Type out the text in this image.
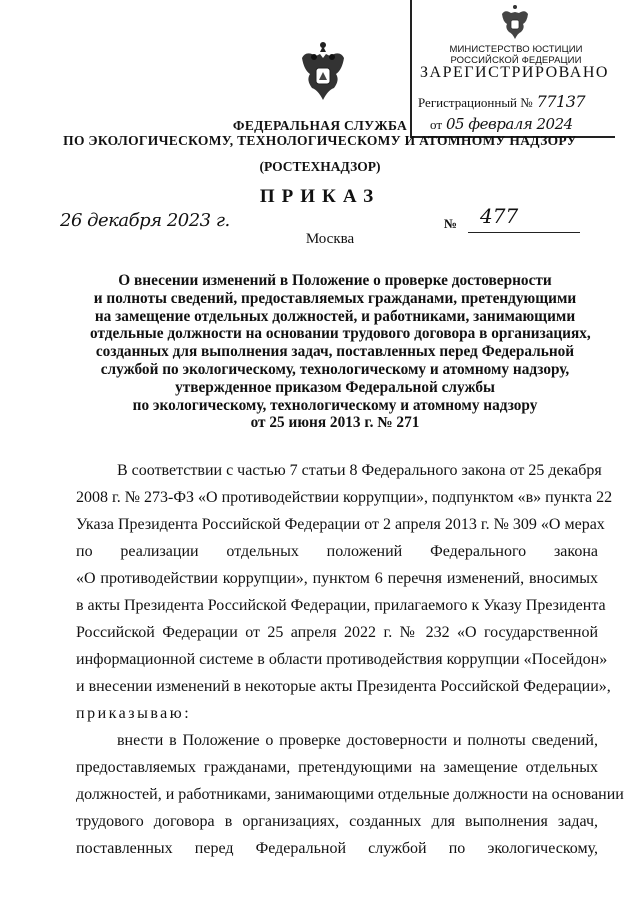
МИНИСТЕРСТВО ЮСТИЦИИ РОССИЙСКОЙ ФЕДЕРАЦИИ
ЗАРЕГИСТРИРОВАНО
Регистрационный № 77137
от 05 февраля 2024
ФЕДЕРАЛЬНАЯ СЛУЖБА
ПО ЭКОЛОГИЧЕСКОМУ, ТЕХНОЛОГИЧЕСКОМУ И АТОМНОМУ НАДЗОРУ
(РОСТЕХНАДЗОР)
ПРИКАЗ
26 декабря 2023 г.	№ 477
Москва
О внесении изменений в Положение о проверке достоверности
и полноты сведений, предоставляемых гражданами, претендующими
на замещение отдельных должностей, и работниками, занимающими
отдельные должности на основании трудового договора в организациях,
созданных для выполнения задач, поставленных перед Федеральной
службой по экологическому, технологическому и атомному надзору,
утвержденное приказом Федеральной службы
по экологическому, технологическому и атомному надзору
от 25 июня 2013 г. № 271
В соответствии с частью 7 статьи 8 Федерального закона от 25 декабря
2008 г. № 273-ФЗ «О противодействии коррупции», подпунктом «в» пункта 22
Указа Президента Российской Федерации от 2 апреля 2013 г. № 309 «О мерах
по реализации отдельных положений Федерального закона
«О противодействии коррупции», пунктом 6 перечня изменений, вносимых
в акты Президента Российской Федерации, прилагаемого к Указу Президента
Российской Федерации от 25 апреля 2022 г. № 232 «О государственной
информационной системе в области противодействия коррупции «Посейдон»
и внесении изменений в некоторые акты Президента Российской Федерации»,
приказываю:
внести в Положение о проверке достоверности и полноты сведений,
предоставляемых гражданами, претендующими на замещение отдельных
должностей, и работниками, занимающими отдельные должности на основании
трудового договора в организациях, созданных для выполнения задач,
поставленных перед Федеральной службой по экологическому,
